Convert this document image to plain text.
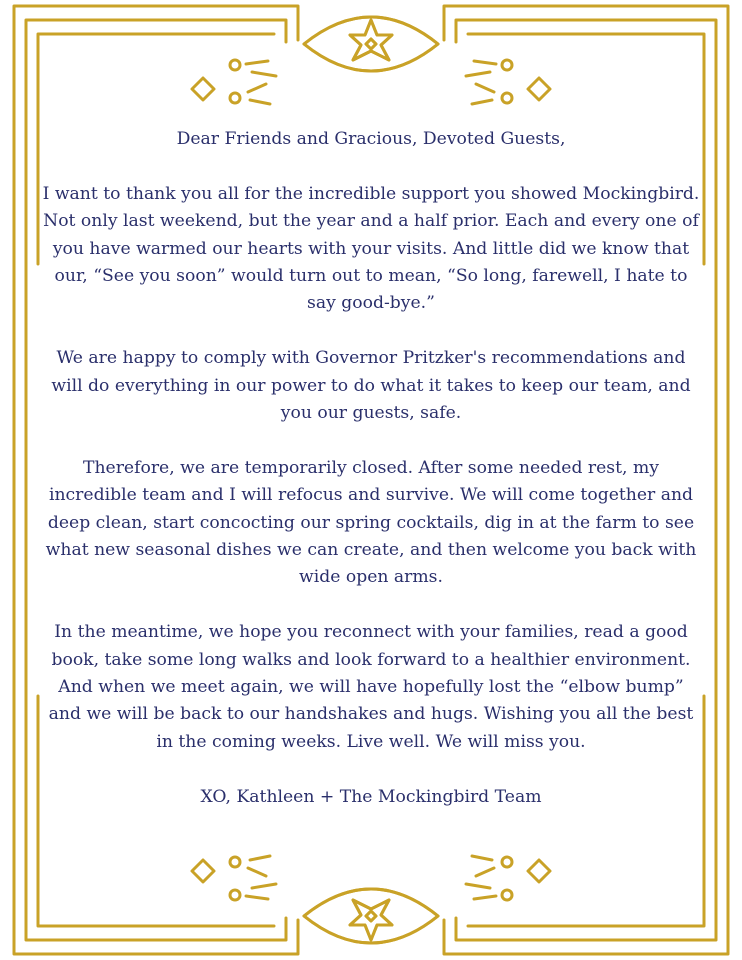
Dear Friends and Gracious, Devoted Guests,

I want to thank you all for the incredible support you showed Mockingbird. Not only last weekend, but the year and a half prior. Each and every one of you have warmed our hearts with your visits. And little did we know that our, “See you soon” would turn out to mean, “So long, farewell, I hate to say good-bye.”

We are happy to comply with Governor Pritzker's recommendations and will do everything in our power to do what it takes to keep our team, and you our guests, safe.

Therefore, we are temporarily closed. After some needed rest, my incredible team and I will refocus and survive. We will come together and deep clean, start concocting our spring cocktails, dig in at the farm to see what new seasonal dishes we can create, and then welcome you back with wide open arms.

In the meantime, we hope you reconnect with your families, read a good book, take some long walks and look forward to a healthier environment. And when we meet again, we will have hopefully lost the “elbow bump” and we will be back to our handshakes and hugs. Wishing you all the best in the coming weeks. Live well. We will miss you.

XO, Kathleen + The Mockingbird Team
